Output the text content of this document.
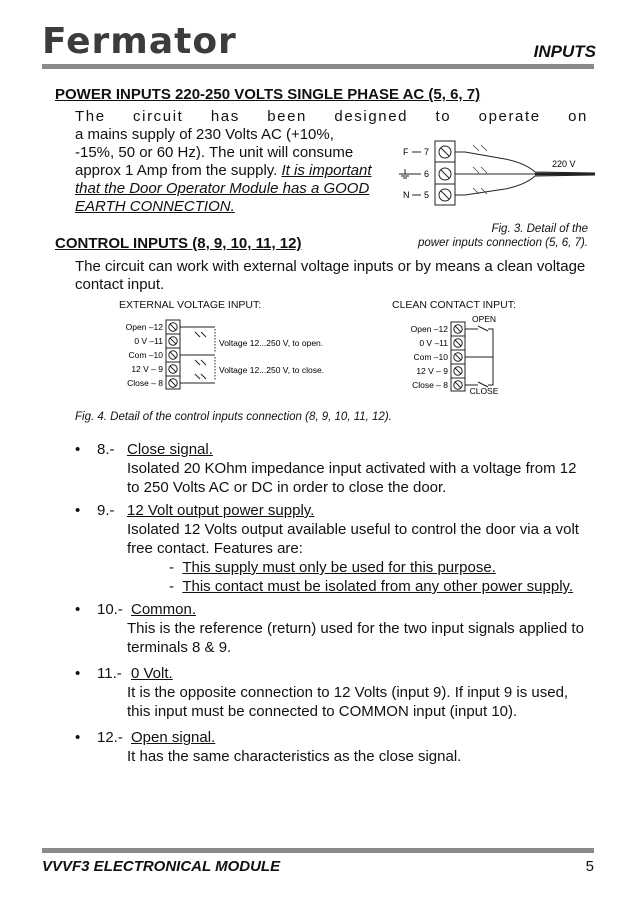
Fermator	INPUTS
POWER INPUTS 220-250 VOLTS SINGLE PHASE AC (5, 6, 7)
The circuit has been designed to operate on
a mains supply of 230 Volts AC (+10%,
-15%, 50 or 60 Hz). The unit will consume
approx 1 Amp from the supply. It is important
that the Door Operator Module has a GOOD
EARTH CONNECTION.
F 7
6
N 5
220 V
Fig. 3. Detail of the
power inputs connection (5, 6, 7).
CONTROL INPUTS (8, 9, 10, 11, 12)
The circuit can work with external voltage inputs or by means a clean voltage
contact input.
EXTERNAL VOLTAGE INPUT:	CLEAN CONTACT INPUT:
Open –12
0 V –11
Com –10
12 V – 9
Close – 8
Voltage 12...250 V, to open.
Voltage 12...250 V, to close.
OPEN
Open –12
0 V –11
Com –10
12 V – 9
Close – 8
CLOSE
Fig. 4. Detail of the control inputs connection (8, 9, 10, 11, 12).
•	8.- Close signal.
Isolated 20 KOhm impedance input activated with a voltage from 12
to 250 Volts AC or DC in order to close the door.
•	9.- 12 Volt output power supply.
Isolated 12 Volts output available useful to control the door via a volt
free contact. Features are:
- This supply must only be used for this purpose.
- This contact must be isolated from any other power supply.
•	10.- Common.
This is the reference (return) used for the two input signals applied to
terminals 8 & 9.
•	11.- 0 Volt.
It is the opposite connection to 12 Volts (input 9). If input 9 is used,
this input must be connected to COMMON input (input 10).
•	12.- Open signal.
It has the same characteristics as the close signal.
VVVF3 ELECTRONICAL MODULE	5
